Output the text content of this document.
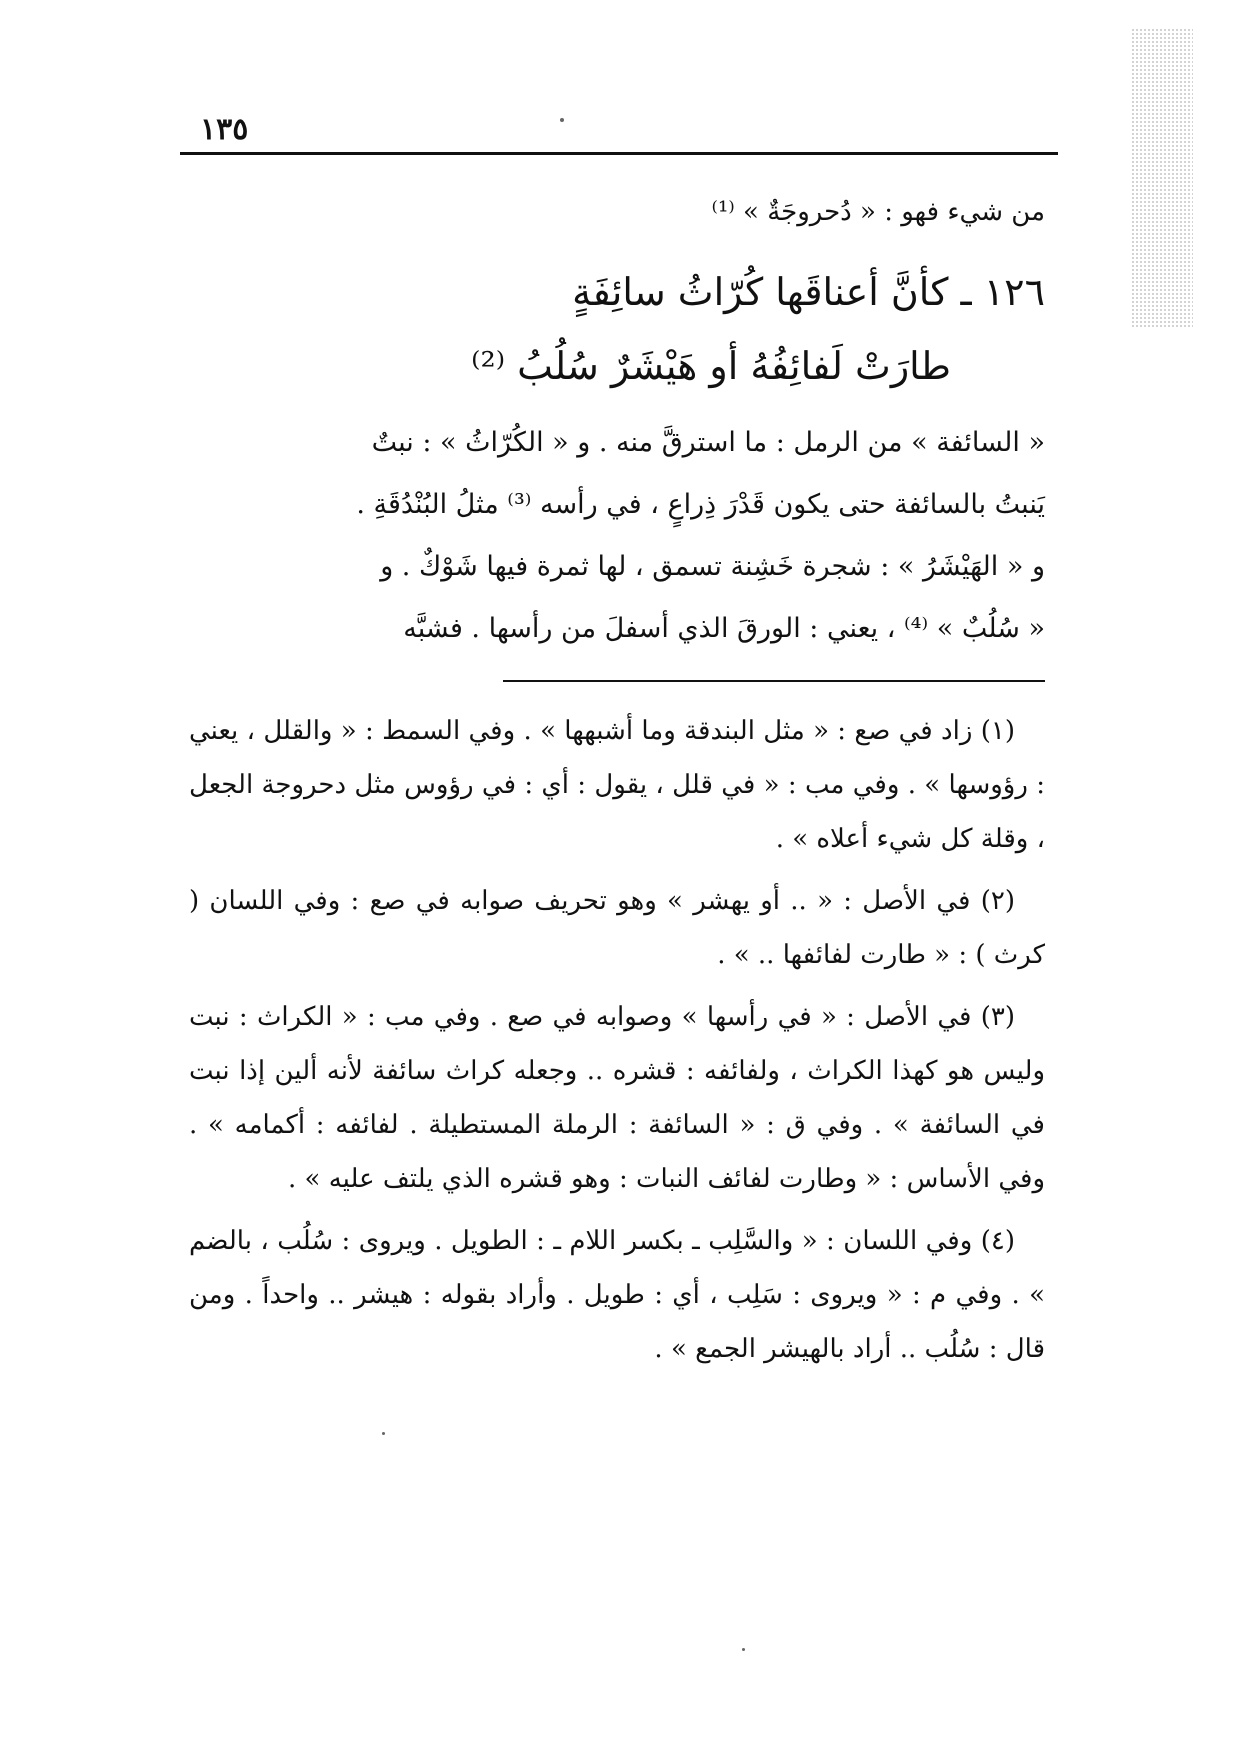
١٣٥

من شيء فهو : « دُحروجَةٌ » ⁽¹⁾

١٢٦ ـ كأنَّ أعناقَها كُرّاثُ سائِفَةٍ

طارَتْ لَفائِفُهُ أو هَيْشَرٌ سُلُبُ ⁽²⁾

« السائفة » من الرمل : ما استرقَّ منه . و « الكُرّاثُ » : نبتٌ

يَنبتُ بالسائفة حتى يكون قَدْرَ ذِراعٍ ، في رأسه ⁽³⁾ مثلُ البُنْدُقَةِ .

و « الهَيْشَرُ » : شجرة خَشِنة تسمق ، لها ثمرة فيها شَوْكٌ . و

« سُلُبٌ » ⁽⁴⁾ ، يعني : الورقَ الذي أسفلَ من رأسها . فشبَّه

(١) زاد في صع : « مثل البندقة وما أشبهها » . وفي السمط : « والقلل ، يعني : رؤوسها » . وفي مب : « في قلل ، يقول : أي : في رؤوس مثل دحروجة الجعل ، وقلة كل شيء أعلاه » .

(٢) في الأصل : « .. أو يهشر » وهو تحريف صوابه في صع : وفي اللسان ( كرث ) : « طارت لفائفها .. » .

(٣) في الأصل : « في رأسها » وصوابه في صع . وفي مب : « الكراث : نبت وليس هو كهذا الكراث ، ولفائفه : قشره .. وجعله كراث سائفة لأنه ألين إذا نبت في السائفة » . وفي ق : « السائفة : الرملة المستطيلة . لفائفه : أكمامه » . وفي الأساس : « وطارت لفائف النبات : وهو قشره الذي يلتف عليه » .

(٤) وفي اللسان : « والسَّلِب ـ بكسر اللام ـ : الطويل . ويروى : سُلُب ، بالضم » . وفي م : « ويروى : سَلِب ، أي : طويل . وأراد بقوله : هيشر .. واحداً . ومن قال : سُلُب .. أراد بالهيشر الجمع » .
